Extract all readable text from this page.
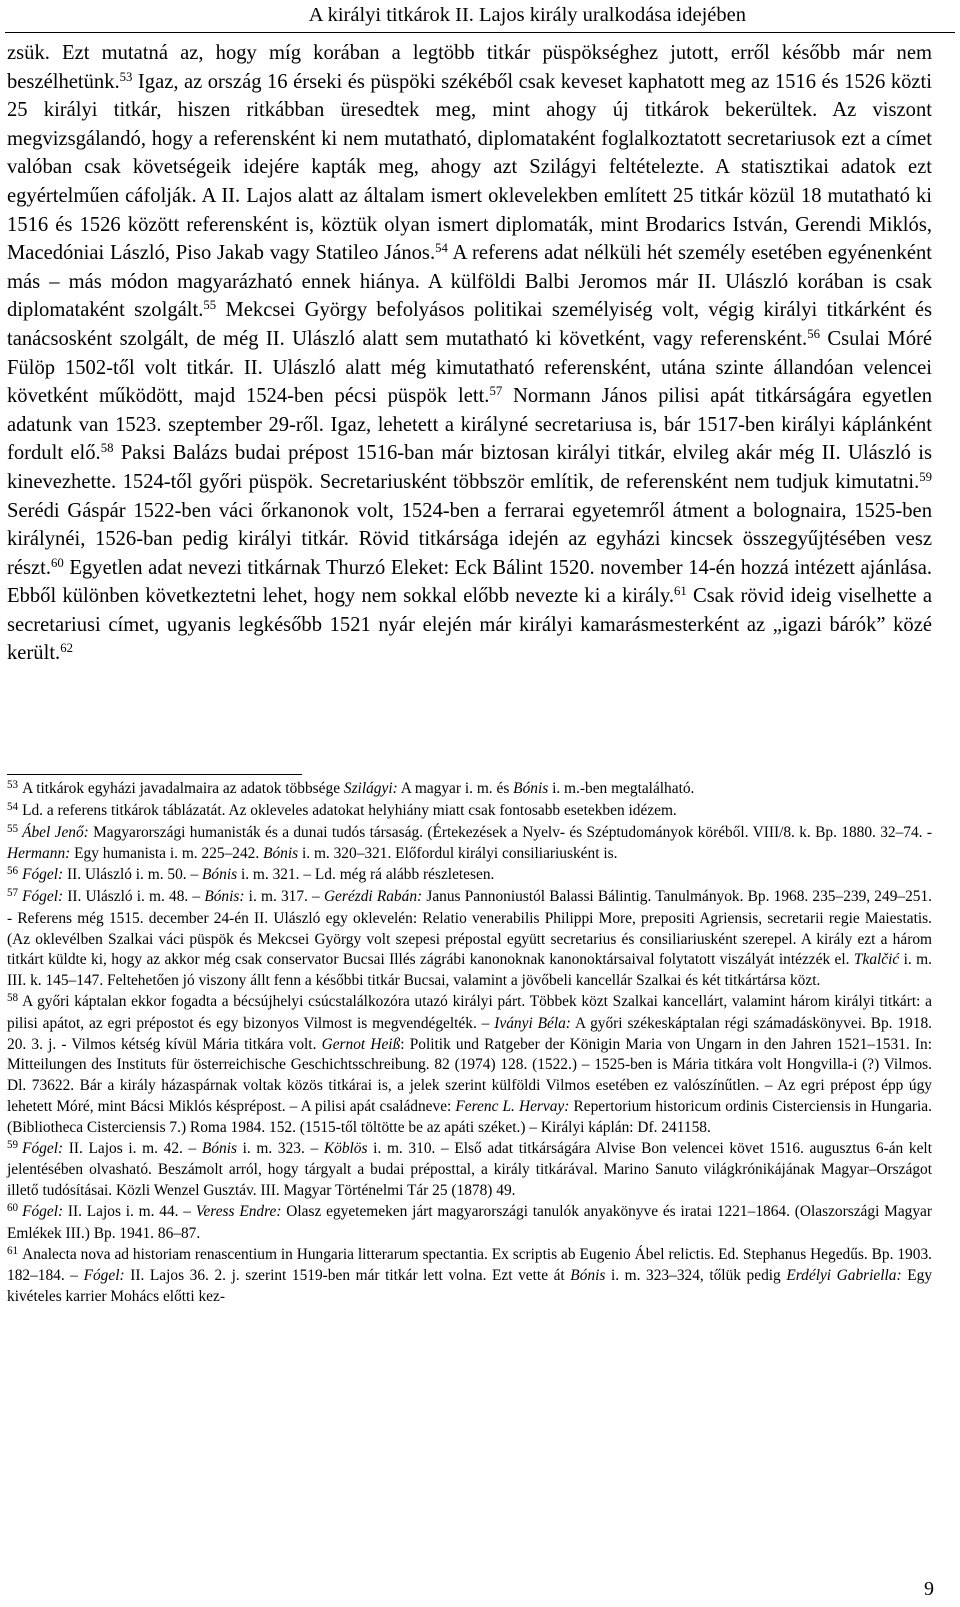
A királyi titkárok II. Lajos király uralkodása idejében

zsük. Ezt mutatná az, hogy míg korában a legtöbb titkár püspökséghez jutott, erről később már nem beszélhetünk.$^{53}$ Igaz, az ország 16 érseki és püspöki székéből csak keveset kaphatott meg az 1516 és 1526 közti 25 királyi titkár, hiszen ritkábban üresedtek meg, mint ahogy új titkárok bekerültek. Az viszont megvizsgálandó, hogy a referensként ki nem mutatható, diplomataként foglalkoztatott secretariusok ezt a címet valóban csak követségeik idejére kapták meg, ahogy azt Szilágyi feltételezte. A statisztikai adatok ezt egyértelműen cáfolják. A II. Lajos alatt az általam ismert oklevelekben említett 25 titkár közül 18 mutatható ki 1516 és 1526 között referensként is, köztük olyan ismert diplomaták, mint Brodarics István, Gerendi Miklós, Macedóniai László, Piso Jakab vagy Statileo János.$^{54}$ A referens adat nélküli hét személy esetében egyénenként más – más módon magyarázható ennek hiánya. A külföldi Balbi Jeromos már II. Ulászló korában is csak diplomataként szolgált.$^{55}$ Mekcsei György befolyásos politikai személyiség volt, végig királyi titkárként és tanácsosként szolgált, de még II. Ulászló alatt sem mutatható ki követként, vagy referensként.$^{56}$ Csulai Móré Fülöp 1502-től volt titkár. II. Ulászló alatt még kimutatható referensként, utána szinte állandóan velencei követként működött, majd 1524-ben pécsi püspök lett.$^{57}$ Normann János pilisi apát titkárságára egyetlen adatunk van 1523. szeptember 29-ről. Igaz, lehetett a királyné secretariusa is, bár 1517-ben királyi káplánként fordult elő.$^{58}$ Paksi Balázs budai prépost 1516-ban már biztosan királyi titkár, elvileg akár még II. Ulászló is kinevezhette. 1524-től győri püspök. Secretariusként többször említik, de referensként nem tudjuk kimutatni.$^{59}$ Serédi Gáspár 1522-ben váci őrkanonok volt, 1524-ben a ferrarai egyetemről átment a bolognaira, 1525-ben királynéi, 1526-ban pedig királyi titkár. Rövid titkársága idején az egyházi kincsek összegyűjtésében vesz részt.$^{60}$ Egyetlen adat nevezi titkárnak Thurzó Eleket: Eck Bálint 1520. november 14-én hozzá intézett ajánlása. Ebből különben következtetni lehet, hogy nem sokkal előbb nevezte ki a király.$^{61}$ Csak rövid ideig viselhette a secretariusi címet, ugyanis legkésőbb 1521 nyár elején már királyi kamarásmesterként az „igazi bárók” közé került.$^{62}$

$^{53}$ A titkárok egyházi javadalmaira az adatok többsége Szilágyi: A magyar i. m. és Bónis i. m.-ben megtalálható.

$^{54}$ Ld. a referens titkárok táblázatát. Az okleveles adatokat helyhiány miatt csak fontosabb esetekben idézem.

$^{55}$ Ábel Jenő: Magyarországi humanisták és a dunai tudós társaság. (Értekezések a Nyelv- és Széptudományok köréből. VIII/8. k. Bp. 1880. 32–74. - Hermann: Egy humanista i. m. 225–242. Bónis i. m. 320–321. Előfordul királyi consiliariusként is.

$^{56}$ Fógel: II. Ulászló i. m. 50. – Bónis i. m. 321. – Ld. még rá alább részletesen.

$^{57}$ Fógel: II. Ulászló i. m. 48. – Bónis: i. m. 317. – Gerézdi Rabán: Janus Pannoniustól Balassi Bálintig. Tanulmányok. Bp. 1968. 235–239, 249–251. - Referens még 1515. december 24-én II. Ulászló egy oklevelén: Relatio venerabilis Philippi More, prepositi Agriensis, secretarii regie Maiestatis. (Az oklevélben Szalkai váci püspök és Mekcsei György volt szepesi prépostal együtt secretarius és consiliariusként szerepel. A király ezt a három titkárt küldte ki, hogy az akkor még csak conservator Bucsai Illés zágrábi kanonoknak kanonoktársaival folytatott viszályát intézzék el. Tkalčić i. m. III. k. 145–147. Feltehetően jó viszony állt fenn a későbbi titkár Bucsai, valamint a jövőbeli kancellár Szalkai és két titkártársa közt.

$^{58}$ A győri káptalan ekkor fogadta a bécsújhelyi csúcstalálkozóra utazó királyi párt. Többek közt Szalkai kancellárt, valamint három királyi titkárt: a pilisi apátot, az egri prépostot és egy bizonyos Vilmost is megvendégelték. – Iványi Béla: A győri székeskáptalan régi számadáskönyvei. Bp. 1918. 20. 3. j. - Vilmos kétség kívül Mária titkára volt. Gernot Heiß: Politik und Ratgeber der Königin Maria von Ungarn in den Jahren 1521–1531. In: Mitteilungen des Instituts für österreichische Geschichtsschreibung. 82 (1974) 128. (1522.) – 1525-ben is Mária titkára volt Hongvilla-i (?) Vilmos. Dl. 73622. Bár a király házaspárnak voltak közös titkárai is, a jelek szerint külföldi Vilmos esetében ez valószínűtlen. – Az egri prépost épp úgy lehetett Móré, mint Bácsi Miklós késprépost. – A pilisi apát családneve: Ferenc L. Hervay: Repertorium historicum ordinis Cisterciensis in Hungaria. (Bibliotheca Cisterciensis 7.) Roma 1984. 152. (1515-től töltötte be az apáti széket.) – Királyi káplán: Df. 241158.

$^{59}$ Fógel: II. Lajos i. m. 42. – Bónis i. m. 323. – Köblös i. m. 310. – Első adat titkárságára Alvise Bon velencei követ 1516. augusztus 6-án kelt jelentésében olvasható. Beszámolt arról, hogy tárgyalt a budai préposttal, a király titkárával. Marino Sanuto világkrónikájának Magyar–Országot illető tudósításai. Közli Wenzel Gusztáv. III. Magyar Történelmi Tár 25 (1878) 49.

$^{60}$ Fógel: II. Lajos i. m. 44. – Veress Endre: Olasz egyetemeken járt magyarországi tanulók anyakönyve és iratai 1221–1864. (Olaszországi Magyar Emlékek III.) Bp. 1941. 86–87.

$^{61}$ Analecta nova ad historiam renascentium in Hungaria litterarum spectantia. Ex scriptis ab Eugenio Ábel relictis. Ed. Stephanus Hegedűs. Bp. 1903. 182–184. – Fógel: II. Lajos 36. 2. j. szerint 1519-ben már titkár lett volna. Ezt vette át Bónis i. m. 323–324, tőlük pedig Erdélyi Gabriella: Egy kivételes karrier Mohács előtti kez-

9
